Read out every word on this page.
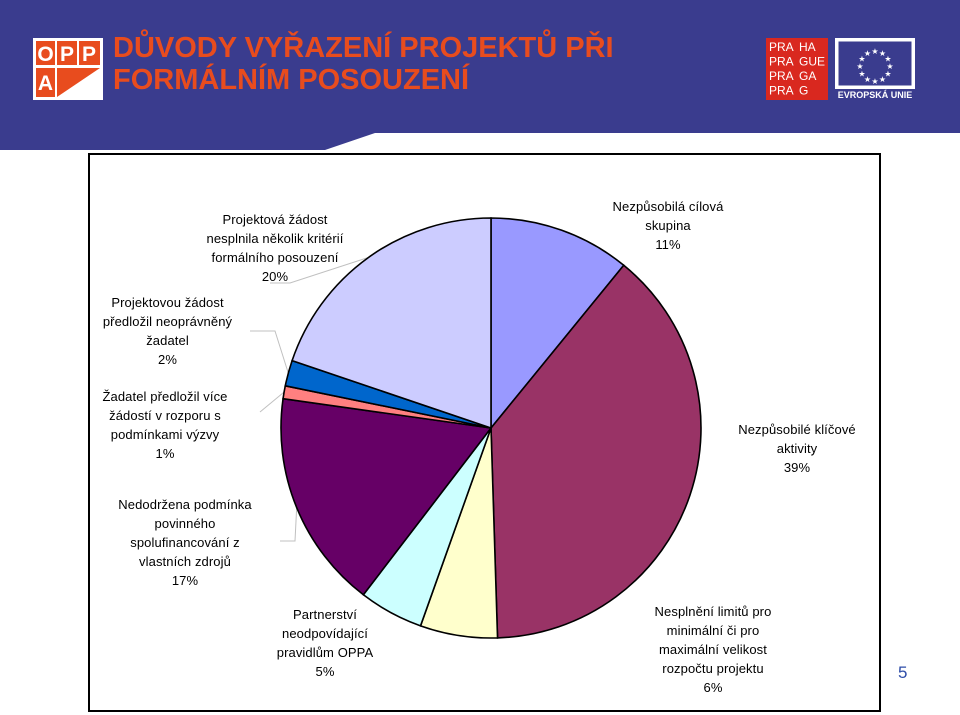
O P P
A
DŮVODY VYŘAZENÍ PROJEKTŮ PŘI
FORMÁLNÍM POSOUZENÍ
PRA HA
PRA GUE
PRA GA
PRA G
★ ★
★
★
★
★
★
★
★
★
★
★
EVROPSKÁ UNIE
Nezpůsobilá cílová
skupina
11%
Nezpůsobilé klíčové
aktivity
39%
Nesplnění limitů pro
minimální či pro
maximální velikost
rozpočtu projektu
6%
Partnerství
neodpovídající
pravidlům OPPA
5%
Nedodržena podmínka
povinného
spolufinancování z
vlastních zdrojů
17%
Žadatel předložil více
žádostí v rozporu s
podmínkami výzvy
1%
Projektovou žádost
předložil neoprávněný
žadatel
2%
Projektová žádost
nesplnila několik kritérií
formálního posouzení
20%
5
